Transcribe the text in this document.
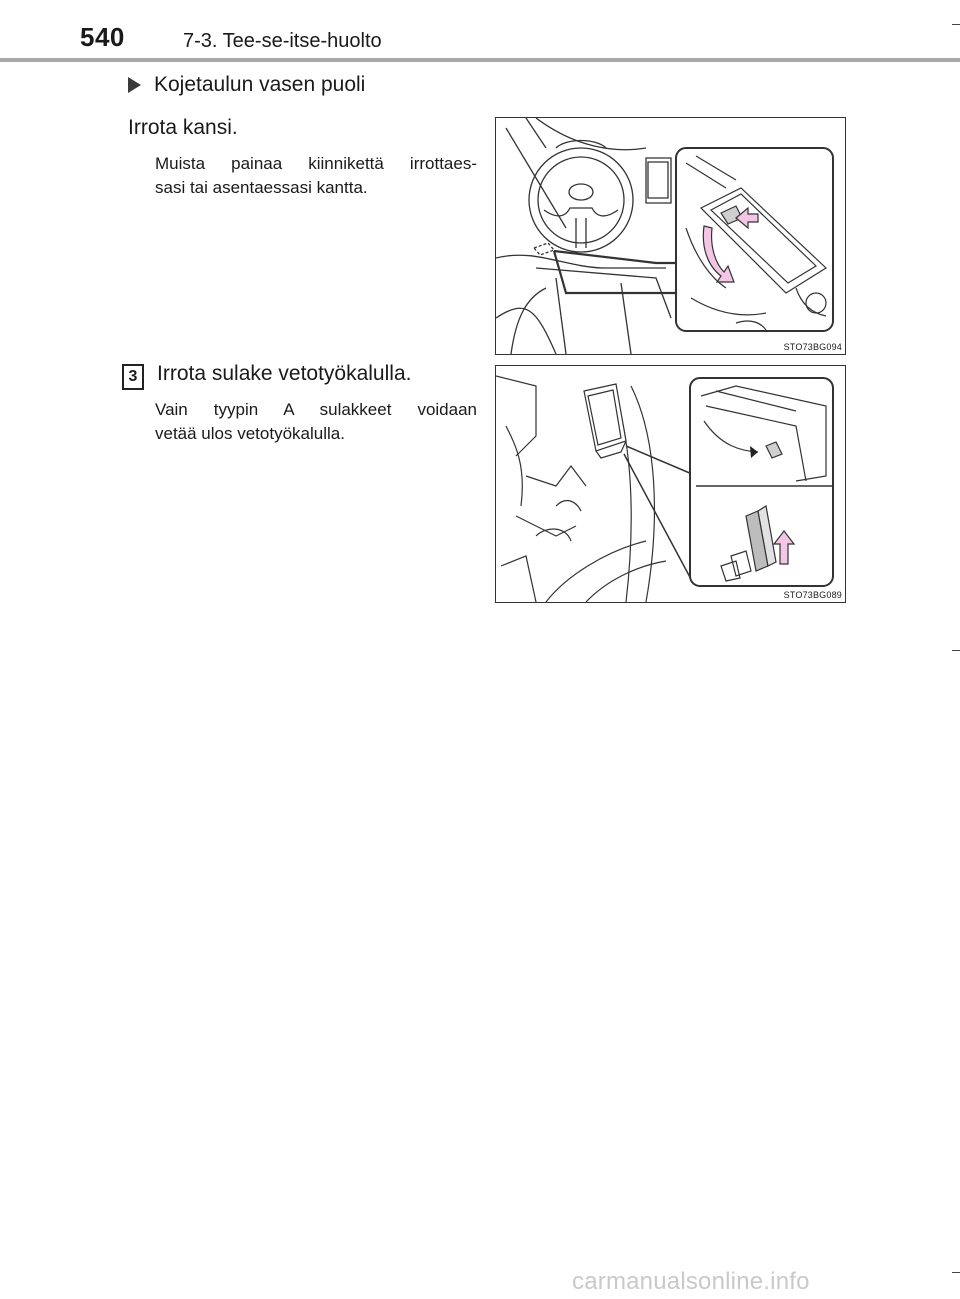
540	7-3. Tee-se-itse-huolto
Kojetaulun vasen puoli
Irrota kansi.
Muista painaa kiinnikettä irrottaes-
sasi tai asentaessasi kantta.
STO73BG094
3 Irrota sulake vetotyökalulla.
Vain tyypin A sulakkeet voidaan
vetää ulos vetotyökalulla.
STO73BG089
carmanualsonline.info
